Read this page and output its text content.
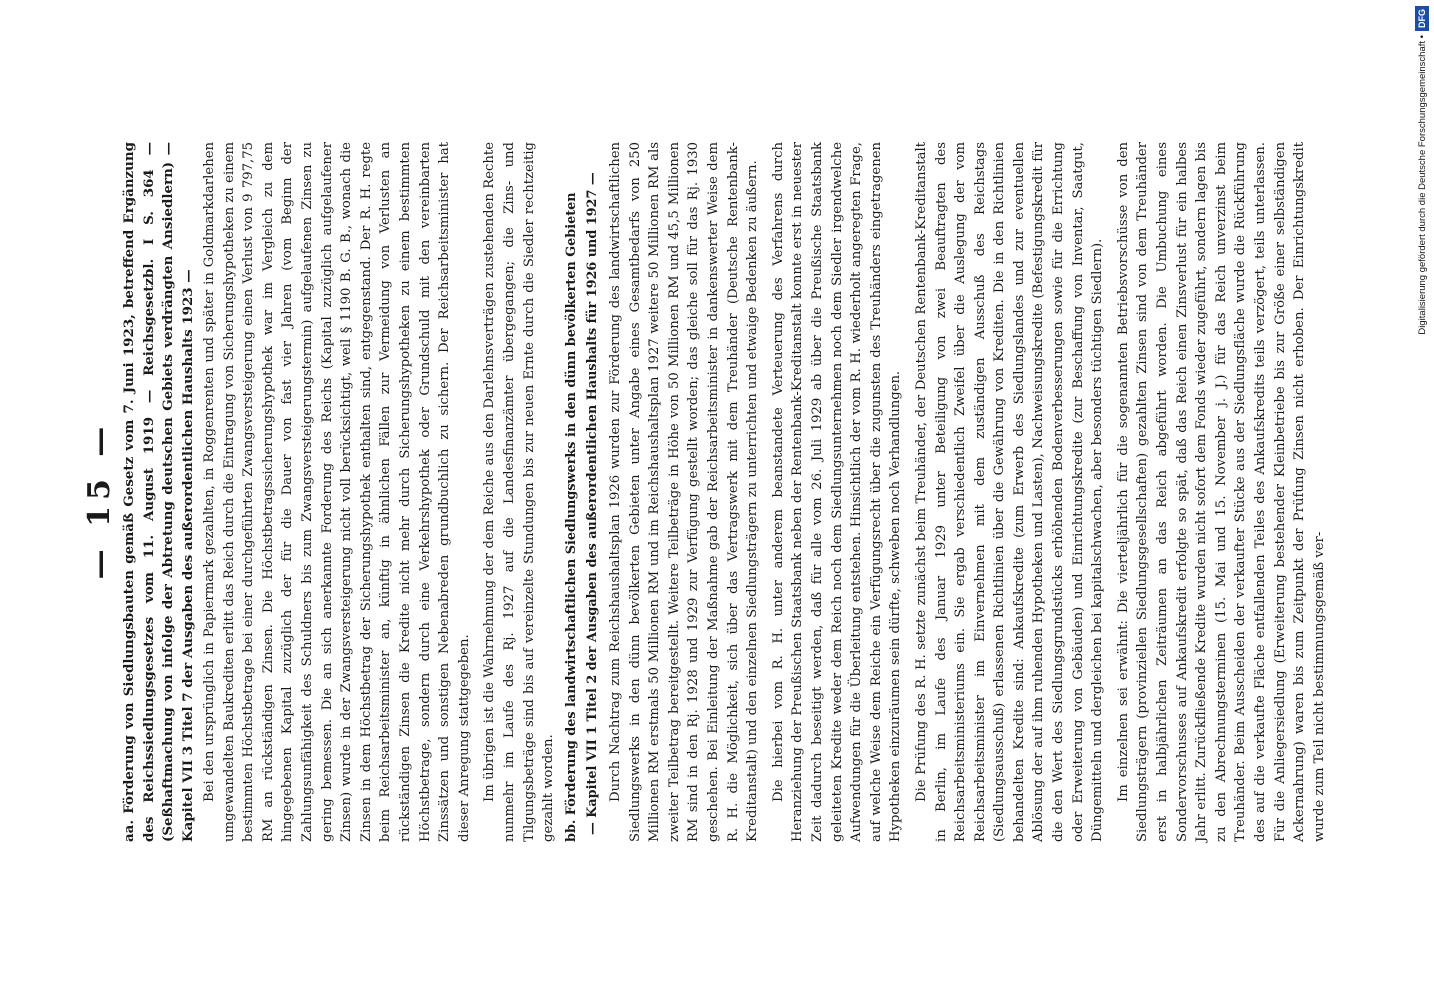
— 15 — aa. Förderung von Siedlungsbauten gemäß Gesetz vom 7. Juni 1923, betreffend Ergänzung des Reichssiedlungsgesetzes vom 11. August 1919 — Reichsgesetzbl. I S. 364 — (Seßhaftmachung von infolge der Abtretung deutschen Gebiets verdrängten Ansiedlern) — Kapitel VII 3 Titel 7 der Ausgaben des außerordentlichen Haushalts 1923 — Bei den ursprünglich in Papiermark gezahlten, in Roggenrenten und später in Goldmarkdarlehen umgewandelten Baukrediten erlitt das Reich durch die Eintragung von Sicherungshypotheken zu einem bestimmten Höchstbetrage bei einer durchgeführten Zwangsversteigerung einen Verlust von 9 797,75 RM an rückständigen Zinsen. Die Höchstbetragssicherungshypothek war im Vergleich zu dem hingegebenen Kapital zuzüglich der für die Dauer von fast vier Jahren (vom Beginn der Zahlungsunfähigkeit des Schuldners bis zum Zwangsversteigerungstermin) aufgelaufenen Zinsen zu gering bemessen. Die an sich anerkannte Forderung des Reichs (Kapital zuzüglich aufgelaufener Zinsen) wurde in der Zwangsversteigerung nicht voll berücksichtigt, weil § 1190 B. G. B., wonach die Zinsen in dem Höchstbetrag der Sicherungshypothek enthalten sind, entgegenstand. Der R. H. regte beim Reichsarbeitsminister an, künftig in ähnlichen Fällen zur Vermeidung von Verlusten an rückständigen Zinsen die Kredite nicht mehr durch Sicherungshypotheken zu einem bestimmten Höchstbetrage, sondern durch eine Verkehrshypothek oder Grundschuld mit den vereinbarten Zinssätzen und sonstigen Nebenabreden grundbuchlich zu sichern. Der Reichsarbeitsminister hat dieser Anregung stattgegeben. Im übrigen ist die Wahrnehmung der dem Reiche aus den Darlehnsverträgen zustehenden Rechte nunmehr im Laufe des Rj. 1927 auf die Landesfinanzämter übergegangen; die Zins- und Tilgungsbeträge sind bis auf vereinzelte Stundungen bis zur neuen Ernte durch die Siedler rechtzeitig gezahlt worden. bb. Förderung des landwirtschaftlichen Siedlungswerks in den dünn bevölkerten Gebieten — Kapitel VII 1 Titel 2 der Ausgaben des außerordentlichen Haushalts für 1926 und 1927 — Durch Nachtrag zum Reichshaushaltsplan 1926 wurden zur Förderung des landwirtschaftlichen Siedlungswerks in den dünn bevölkerten Gebieten unter Angabe eines Gesamtbedarfs von 250 Millionen RM erstmals 50 Millionen RM und im Reichshaushaltsplan 1927 weitere 50 Millionen RM als zweiter Teilbetrag bereitgestellt. Weitere Teilbeträge in Höhe von 50 Millionen RM und 45,5 Millionen RM sind in den Rj. 1928 und 1929 zur Verfügung gestellt worden; das gleiche soll für das Rj. 1930 geschehen. Bei Einleitung der Maßnahme gab der Reichsarbeitsminister in dankenswerter Weise dem R. H. die Möglichkeit, sich über das Vertragswerk mit dem Treuhänder (Deutsche Rentenbank-Kreditanstalt) und den einzelnen Siedlungsträgern zu unterrichten und etwaige Bedenken zu äußern. Die hierbei vom R. H. unter anderem beanstandete Verteuerung des Verfahrens durch Heranziehung der Preußischen Staatsbank neben der Rentenbank-Kreditanstalt konnte erst in neuester Zeit dadurch beseitigt werden, daß für alle vom 26. Juli 1929 ab über die Preußische Staatsbank geleiteten Kredite weder dem Reich noch dem Siedlungsunternehmen noch dem Siedler irgendwelche Aufwendungen für die Überleitung entstehen. Hinsichtlich der vom R. H. wiederholt angeregten Frage, auf welche Weise dem Reiche ein Verfügungsrecht über die zugunsten des Treuhänders eingetragenen Hypotheken einzuräumen sein dürfte, schweben noch Verhandlungen. Die Prüfung des R. H. setzte zunächst beim Treuhänder, der Deutschen Rentenbank-Kreditanstalt in Berlin, im Laufe des Januar 1929 unter Beteiligung von zwei Beauftragten des Reichsarbeitsministeriums ein. Sie ergab verschiedentlich Zweifel über die Auslegung der vom Reichsarbeitsminister im Einvernehmen mit dem zuständigen Ausschuß des Reichstags (Siedlungsausschuß) erlassenen Richtlinien über die Gewährung von Krediten. Die in den Richtlinien behandelten Kredite sind: Ankaufskredite (zum Erwerb des Siedlungslandes und zur eventuellen Ablösung der auf ihm ruhenden Hypotheken und Lasten), Nachweisungskredite (Befestigungskredit für die den Wert des Siedlungsgrundstücks erhöhenden Bodenverbesserungen sowie für die Errichtung oder Erweiterung von Gebäuden) und Einrichtungskredite (zur Beschaffung von Inventar, Saatgut, Düngemitteln und dergleichen bei kapitalschwachen, aber besonders tüchtigen Siedlern). Im einzelnen sei erwähnt: Die vierteljährlich für die sogenannten Betriebsvorschüsse von den Siedlungsträgern (provinziellen Siedlungsgesellschaften) gezahlten Zinsen sind von dem Treuhänder erst in halbjährlichen Zeiträumen an das Reich abgeführt worden. Die Umbuchung eines Sondervorschusses auf Ankaufskredit erfolgte so spät, daß das Reich einen Zinsverlust für ein halbes Jahr erlitt. Zurückfließende Kredite wurden nicht sofort dem Fonds wieder zugeführt, sondern lagen bis zu den Abrechnungsterminen (15. Mai und 15. November j. J.) für das Reich unverzinst beim Treuhänder. Beim Ausscheiden der verkaufter Stücke aus der Siedlungsfläche wurde die Rückführung des auf die verkaufte Fläche entfallenden Teiles des Ankaufskredits teils verzögert, teils unterlassen. Für die Anliegersiedlung (Erweiterung bestehender Kleinbetriebe bis zur Größe einer selbständigen Ackernahrung) waren bis zum Zeitpunkt der Prüfung Zinsen nicht erhoben. Der Einrichtungskredit wurde zum Teil nicht bestimmungsgemäß ver-

Digitalisierung gefördert durch die Deutsche Forschungsgemeinschaft •DFG
